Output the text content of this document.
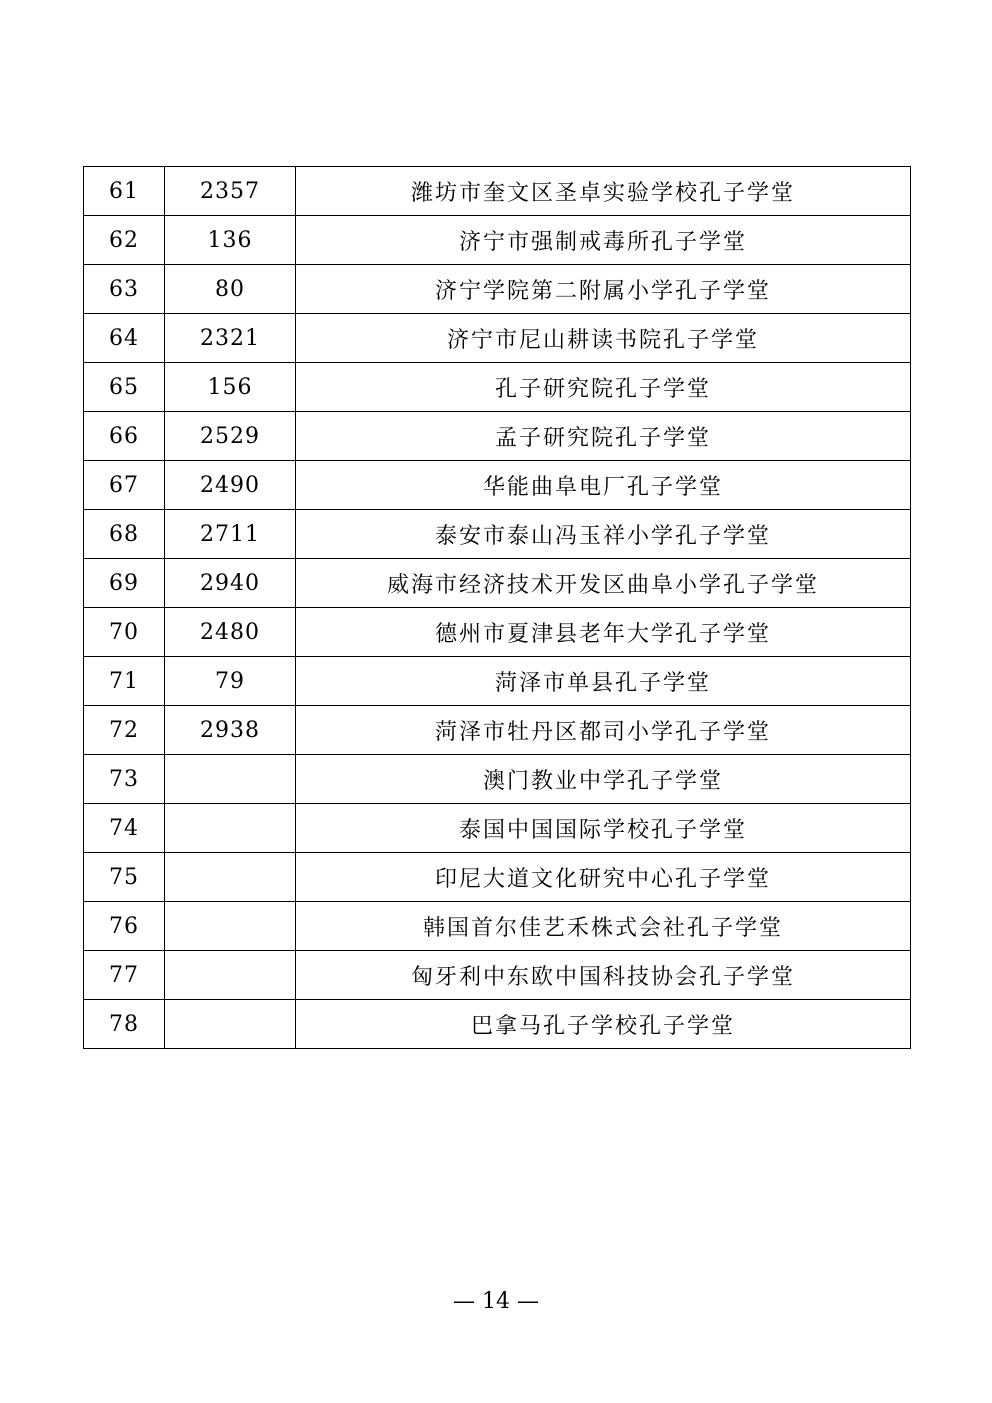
61	2357	潍坊市奎文区圣卓实验学校孔子学堂
62	136	济宁市强制戒毒所孔子学堂
63	80	济宁学院第二附属小学孔子学堂
64	2321	济宁市尼山耕读书院孔子学堂
65	156	孔子研究院孔子学堂
66	2529	孟子研究院孔子学堂
67	2490	华能曲阜电厂孔子学堂
68	2711	泰安市泰山冯玉祥小学孔子学堂
69	2940	威海市经济技术开发区曲阜小学孔子学堂
70	2480	德州市夏津县老年大学孔子学堂
71	79	菏泽市单县孔子学堂
72	2938	菏泽市牡丹区都司小学孔子学堂
73		澳门教业中学孔子学堂
74		泰国中国国际学校孔子学堂
75		印尼大道文化研究中心孔子学堂
76		韩国首尔佳艺禾株式会社孔子学堂
77		匈牙利中东欧中国科技协会孔子学堂
78		巴拿马孔子学校孔子学堂
— 14 —
